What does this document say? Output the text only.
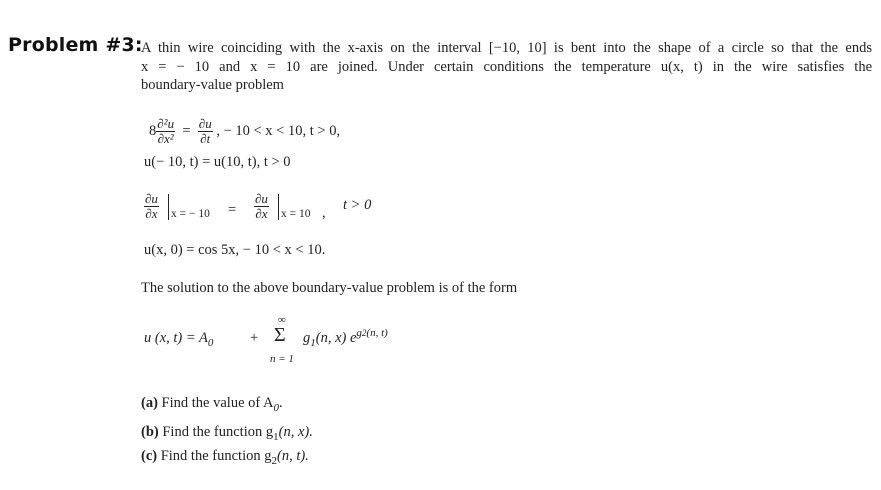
Problem #3:
A thin wire coinciding with the x-axis on the interval [−10, 10] is bent into the shape of a circle so that the ends
x = − 10 and x = 10 are joined. Under certain conditions the temperature u(x, t) in the wire satisfies the
boundary-value problem
$8 \frac{\text{∂²u}}{\text{∂x²}} = \frac{\partial u}{\partial t}$ , − 10 < x < 10, t > 0,
u(− 10, t) = u(10, t), t > 0
$\frac{\partial u}{\partial x}$ x = − $10 = \frac{\partial u}{\partial x}$ x = 10 , t > 0
u(x, 0) = cos 5x, − 10 < x < 10.
The solution to the above boundary-value problem is of the form
u (x, $t) = A_0$	+
∞
Σ
n = 1
$g_1(n$, x) $e^{g2(n, t)}$
(a) Find the value of $A_0$.
(b) Find the function $g_1(n$, x).
(c) Find the function $g_2(n$, t).
